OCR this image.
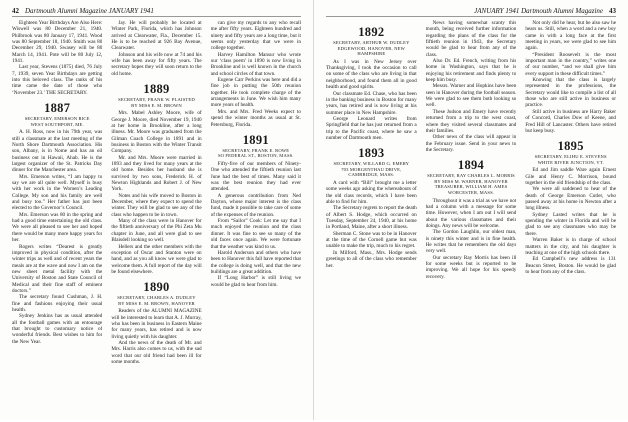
42 Dartmouth Alumni Magazine JANUARY 1941

Eighteen Year Birthdays Are Also Here: Wiswell was 80 December 21, 1940. Philbrook was 80 January 17, 1941. Wood was 80 September 18, 1940. Smith was 80 December 29, 1940. Swasey will be 80 March 14, 1941. Pote will be 80 July 12, 1941.

Last year, Stevens (1875) died, 76 July 7, 1939, seven Year Birthdays are getting into this beloved class. The ranks of his time came the date of those who ‘November 23.’ THE SECRETARY.

1887
SECRETARY, EMERSON RICE
WEST SOUTHPORT, ME.

A. H. Ross, now in his 79th year, was still a classmate at the last meeting of the North Shore Dartmouth Association. His son, Albany, is in Nome and has an oil business out in Hawaii, Ahab. He is the largest organizer of the St. Patricks Day dinner for the Manchester area.

Mrs. Emerson writes, “I am happy to say we are all quite well. Myself is busy with her work in the Women’s Leading College. My son and his family are well and busy too.” Her father has just been elected to the Governor’s Council.

Mrs. Emerson was 80 in the spring and had a good time entertaining the old class. We were all pleased to see her and hoped there would be many more happy years for her.

Rogers writes “Dearest is greatly improved in physical condition, after the winter trips as well and of recent years the meals are at the wave and now I am on the new sheet metal facility with the University of Boston and State Council of Medical and their fine staff of eminent doctors.”

The secretary found Cushman, J. H. fine and fashions enjoying their usual health.

Sydney Jenkins has as usual attended all the football games with an entourage that brought to customary notice of wonderful friends. Best wishes to him for the New Year.

Jay. He will probably be located at Winter Park, Florida, which has Johnson arrived at Clearwater, Fla., December 15. He is to be reached at 926 Bay Avenue, Clearwater.

Johnson and his wife now at 74 and his wife has been away for fifty years. The secretary hopes they will soon return to the old home.

1889
SECRETARY, FRANK W. PLAISTED
BY MISS E. M. BROWN

Mrs. Mabel Ashley Moore, wife of George J. Moore, died November 19, 1940 at her home in Brookline, after a long illness. Mr. Moore was graduated from the Gilman Coach College in 1891 and in business in Boston with the Winter Transit Company.

Mr. and Mrs. Moore were married in 1893 and they lived for many years at the old home. Besides her husband she is survived by two sons, Frederick H. of Newton Highlands and Robert J. of New York.

Notes and his wife moved to Boston in December, where they expect to spend the winter. They will be glad to see any of the class who happen to be in town.

Many of the class were in Hanover for the fiftieth anniversary of the Phi Zeta Mu chapter in June, and all were glad to see Blaisdell looking so well.

Hellers and the other members with the exception of Oscar and Stanton were on hand, and as you all know we were glad to welcome them. A full report of the day will be found elsewhere.

1890
SECRETARY, CHARLES A. DUDLEY
BY MISS E. M. BROWN, HANOVER

Readers of the ALUMNI MAGAZINE will be interested to learn that A. J. Murray, who has been in business in Eastern Maine for many years, has retired and is now living quietly with his daughter.

And the news of the death of Mr. and Mrs. Harris also comes to us, with the sad word that our old friend had been ill for some months.

can give my regards to any who recall me after fifty years. Eighteen hundred and ninety and fifty years are a long time, but it seems only yesterday that we were in college together.

Harvey Hamilton Mansur who wrote our ‘class poem’ in 1890 is now living in Brookline and is well known in the church and school circles of that town.

Eugene Carr Perkins was here and did a fine job in putting the 50th reunion together. He took complete charge of the arrangements in June. We wish him many more years of health.

Mrs. and Mrs. Fred Weeks expect to spend the winter months as usual at St. Petersburg, Florida.

1891
SECRETARY, FRANK E. ROWE
SO FEDERAL ST., BOSTON, MASS.

Fifty-five of our members of Ninety-One who attended the fiftieth reunion last June had the best of times. Many said it was the best reunion they had ever attended.

A generous contribution from Ned Dayton, whose major interest is the class fund, made it possible to take care of some of the expenses of the reunion.

From “Sailor” Cook: Let me say that I much enjoyed the reunion and the class dinner. It was fine to see so many of the old faces once again. We were fortunate that the weather was kind to us.

Harold Anderson and others who have been to Hanover this fall have reported that the college is doing well, and that the new buildings are a great addition.

If “Long Harbor” is still living we would be glad to hear from him.

JANUARY 1941 Dartmouth Alumni Magazine 43
1892
SECRETARY, ARTHUR W. DUDLEY
EDGEWOOD, HANOVER, NEW HAMPSHIRE

As I was in New Jersey over Thanksgiving, I took the occasion to call on some of the class who are living in that neighborhood, and found them all in good health and good spirits.

Our classmate Ed. Chase, who has been in the banking business in Boston for many years, has retired and is now living at his summer place in New Hampshire.

George Leonard writes from Springfield that he has just returned from a trip to the Pacific coast, where he saw a number of Dartmouth men.

1893
SECRETARY, WILLARD G. EMERY
703 MORGENTHAU DRIVE, CAMBRIDGE, MASS.

A card with “Bill” brought me a letter some weeks ago asking the whereabouts of the old class records, which I have been able to find for him.

The Secretary regrets to report the death of Albert S. Hodge, which occurred on Tuesday, September 24, 1940, at his home in Portland, Maine, after a short illness.

Sherman C. Stone was to be in Hanover at the time of the Cornell game but was unable to make the trip, much to his regret.

In Milford, Mass., Mrs. Hodge sends greetings to all of the class who remember her.

News having somewhat scanty this month, being received further information regarding the plans of the class for the fiftieth reunion in 1943, the Secretary would be glad to hear from any of the class.

Also Dr. Ed. French, writing from his home in Washington, says that he is enjoying his retirement and finds plenty to keep him busy.

Messrs. Warner and Hopkins have been seen in Hanover during the football season. We were glad to see them both looking so well.

These Judson and Emery have recently returned from a trip to the west coast, where they visited several classmates and their families.

Other news of the class will appear in the February issue. Send in your news to the Secretary.

1894
SECRETARY, RAY CHARLES L. MORRIS
BY MISS M. WARNER, HANOVER
TREASURER, WILLIAM H. AMES
WORCESTER, MASS.

Throughout it was a trial as we have not had a column with a message for some time. However, when I am out I will send about the various classmates and their doings. Any news will be welcome.

The Gordon Laughlin, our oldest man, is ninety this winter and is in fine health. He writes that he remembers the old days very well.

Our secretary Ray Morris has been ill for some weeks but is reported to be improving. We all hope for his speedy recovery.

Not only did he hear, but he also saw he hears us. Still, when a word and a new boy came in with a long face at the first meeting in years, we were glad to see him again.

“President Roosevelt is the most important man in the country,” writes one of our number, “and we shall give him every support in these difficult times.”

Knowing that the class is largely represented in the professions, the Secretary would like to compile a list of all those who are still active in business or practice.

Still active in business are Harry Baker of Concord, Charles Dow of Keene, and Fred Hill of Lancaster. Others have retired but keep busy.

1895
SECRETARY, ELIHU E. STEVENS
WHITE RIVER JUNCTION, VT.

Ed and Jim saddle Ware again Ernest Gile and Henry C. Morrison, bound together in the old friendship of the class.

We were all saddened to hear of the death of George Emerson Cutler, who passed away at his home in Newton after a long illness.

Sydney Lasted writes that he is spending the winter in Florida and will be glad to see any classmates who may be there.

Warren Baker is in charge of school matters in the city, and his daughter is teaching at one of the high schools there.

Ed Campbell’s new address is 131 Beacon Street, Boston. He would be glad to hear from any of the class.
